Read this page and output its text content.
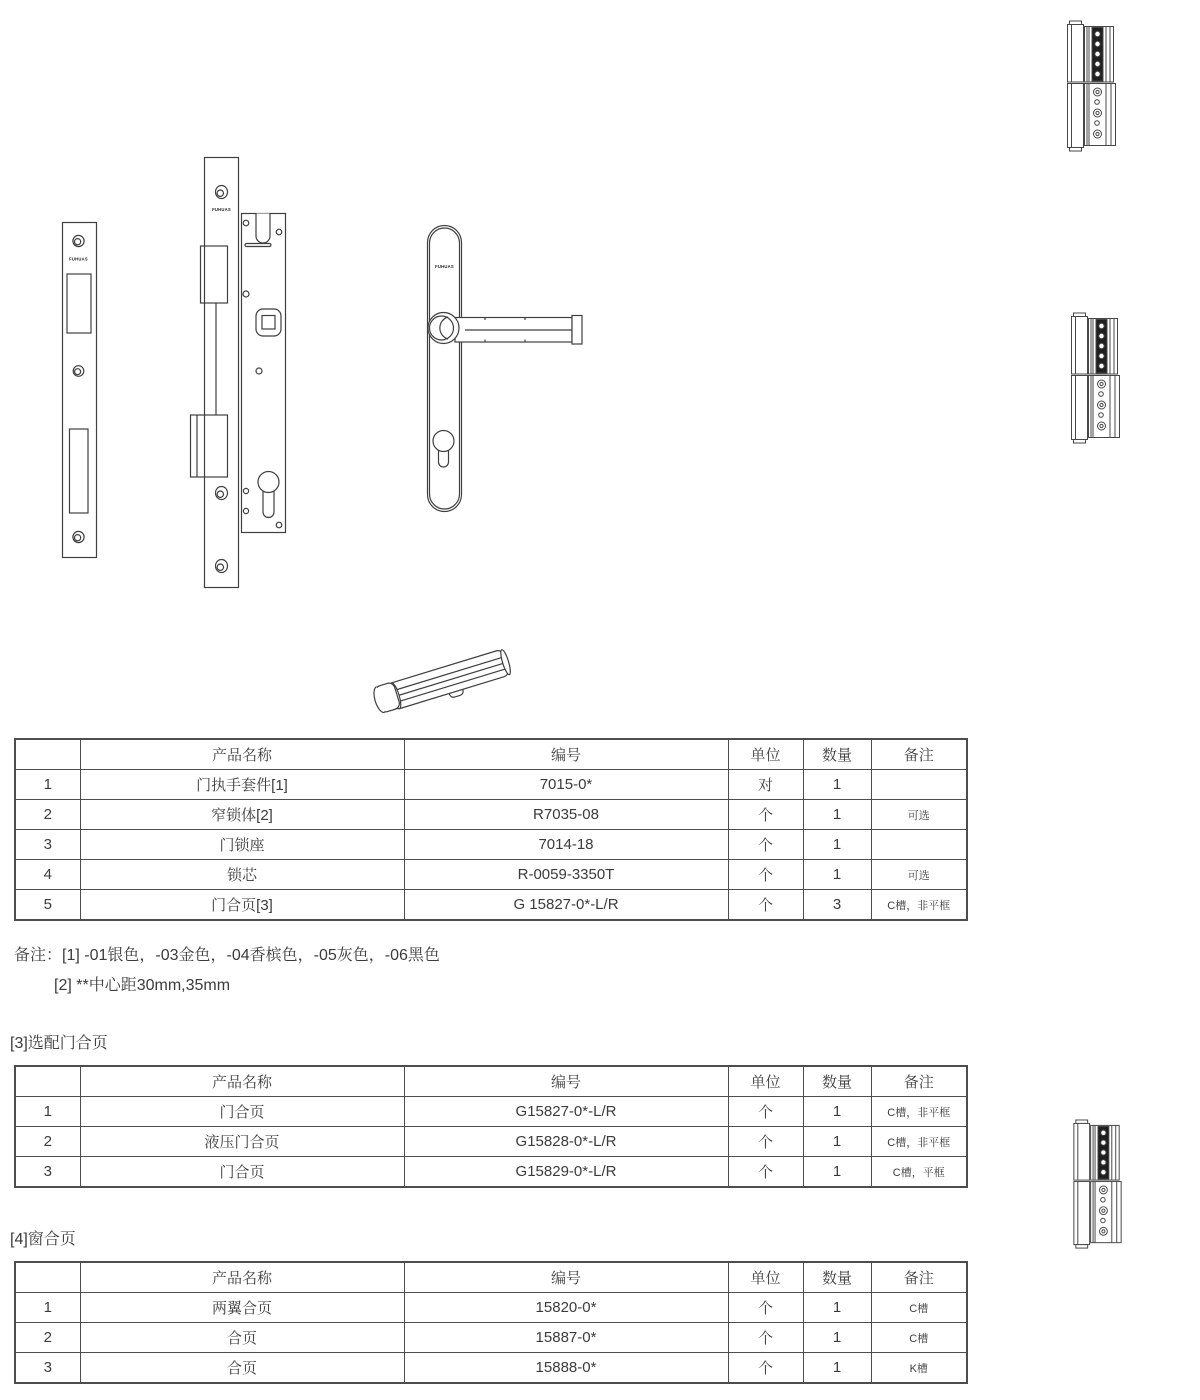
FUHUAS
FUHUAS
FUHUAS
	产品名称	编号	单位	数量	备注
1	门执手套件[1]	7015-0*	对	1	
2	窄锁体[2]	R7035-08	个	1	可选
3	门锁座	7014-18	个	1	
4	锁芯	R-0059-3350T	个	1	可选
5	门合页[3]	G 15827-0*-L/R	个	3	C槽，非平框
备注：[1] -01银色，-03金色，-04香槟色，-05灰色，-06黑色
[2] **中心距30mm,35mm
[3]选配门合页
	产品名称	编号	单位	数量	备注
1	门合页	G15827-0*-L/R	个	1	C槽，非平框
2	液压门合页	G15828-0*-L/R	个	1	C槽，非平框
3	门合页	G15829-0*-L/R	个	1	C槽，平框
[4]窗合页
	产品名称	编号	单位	数量	备注
1	两翼合页	15820-0*	个	1	C槽
2	合页	15887-0*	个	1	C槽
3	合页	15888-0*	个	1	K槽
